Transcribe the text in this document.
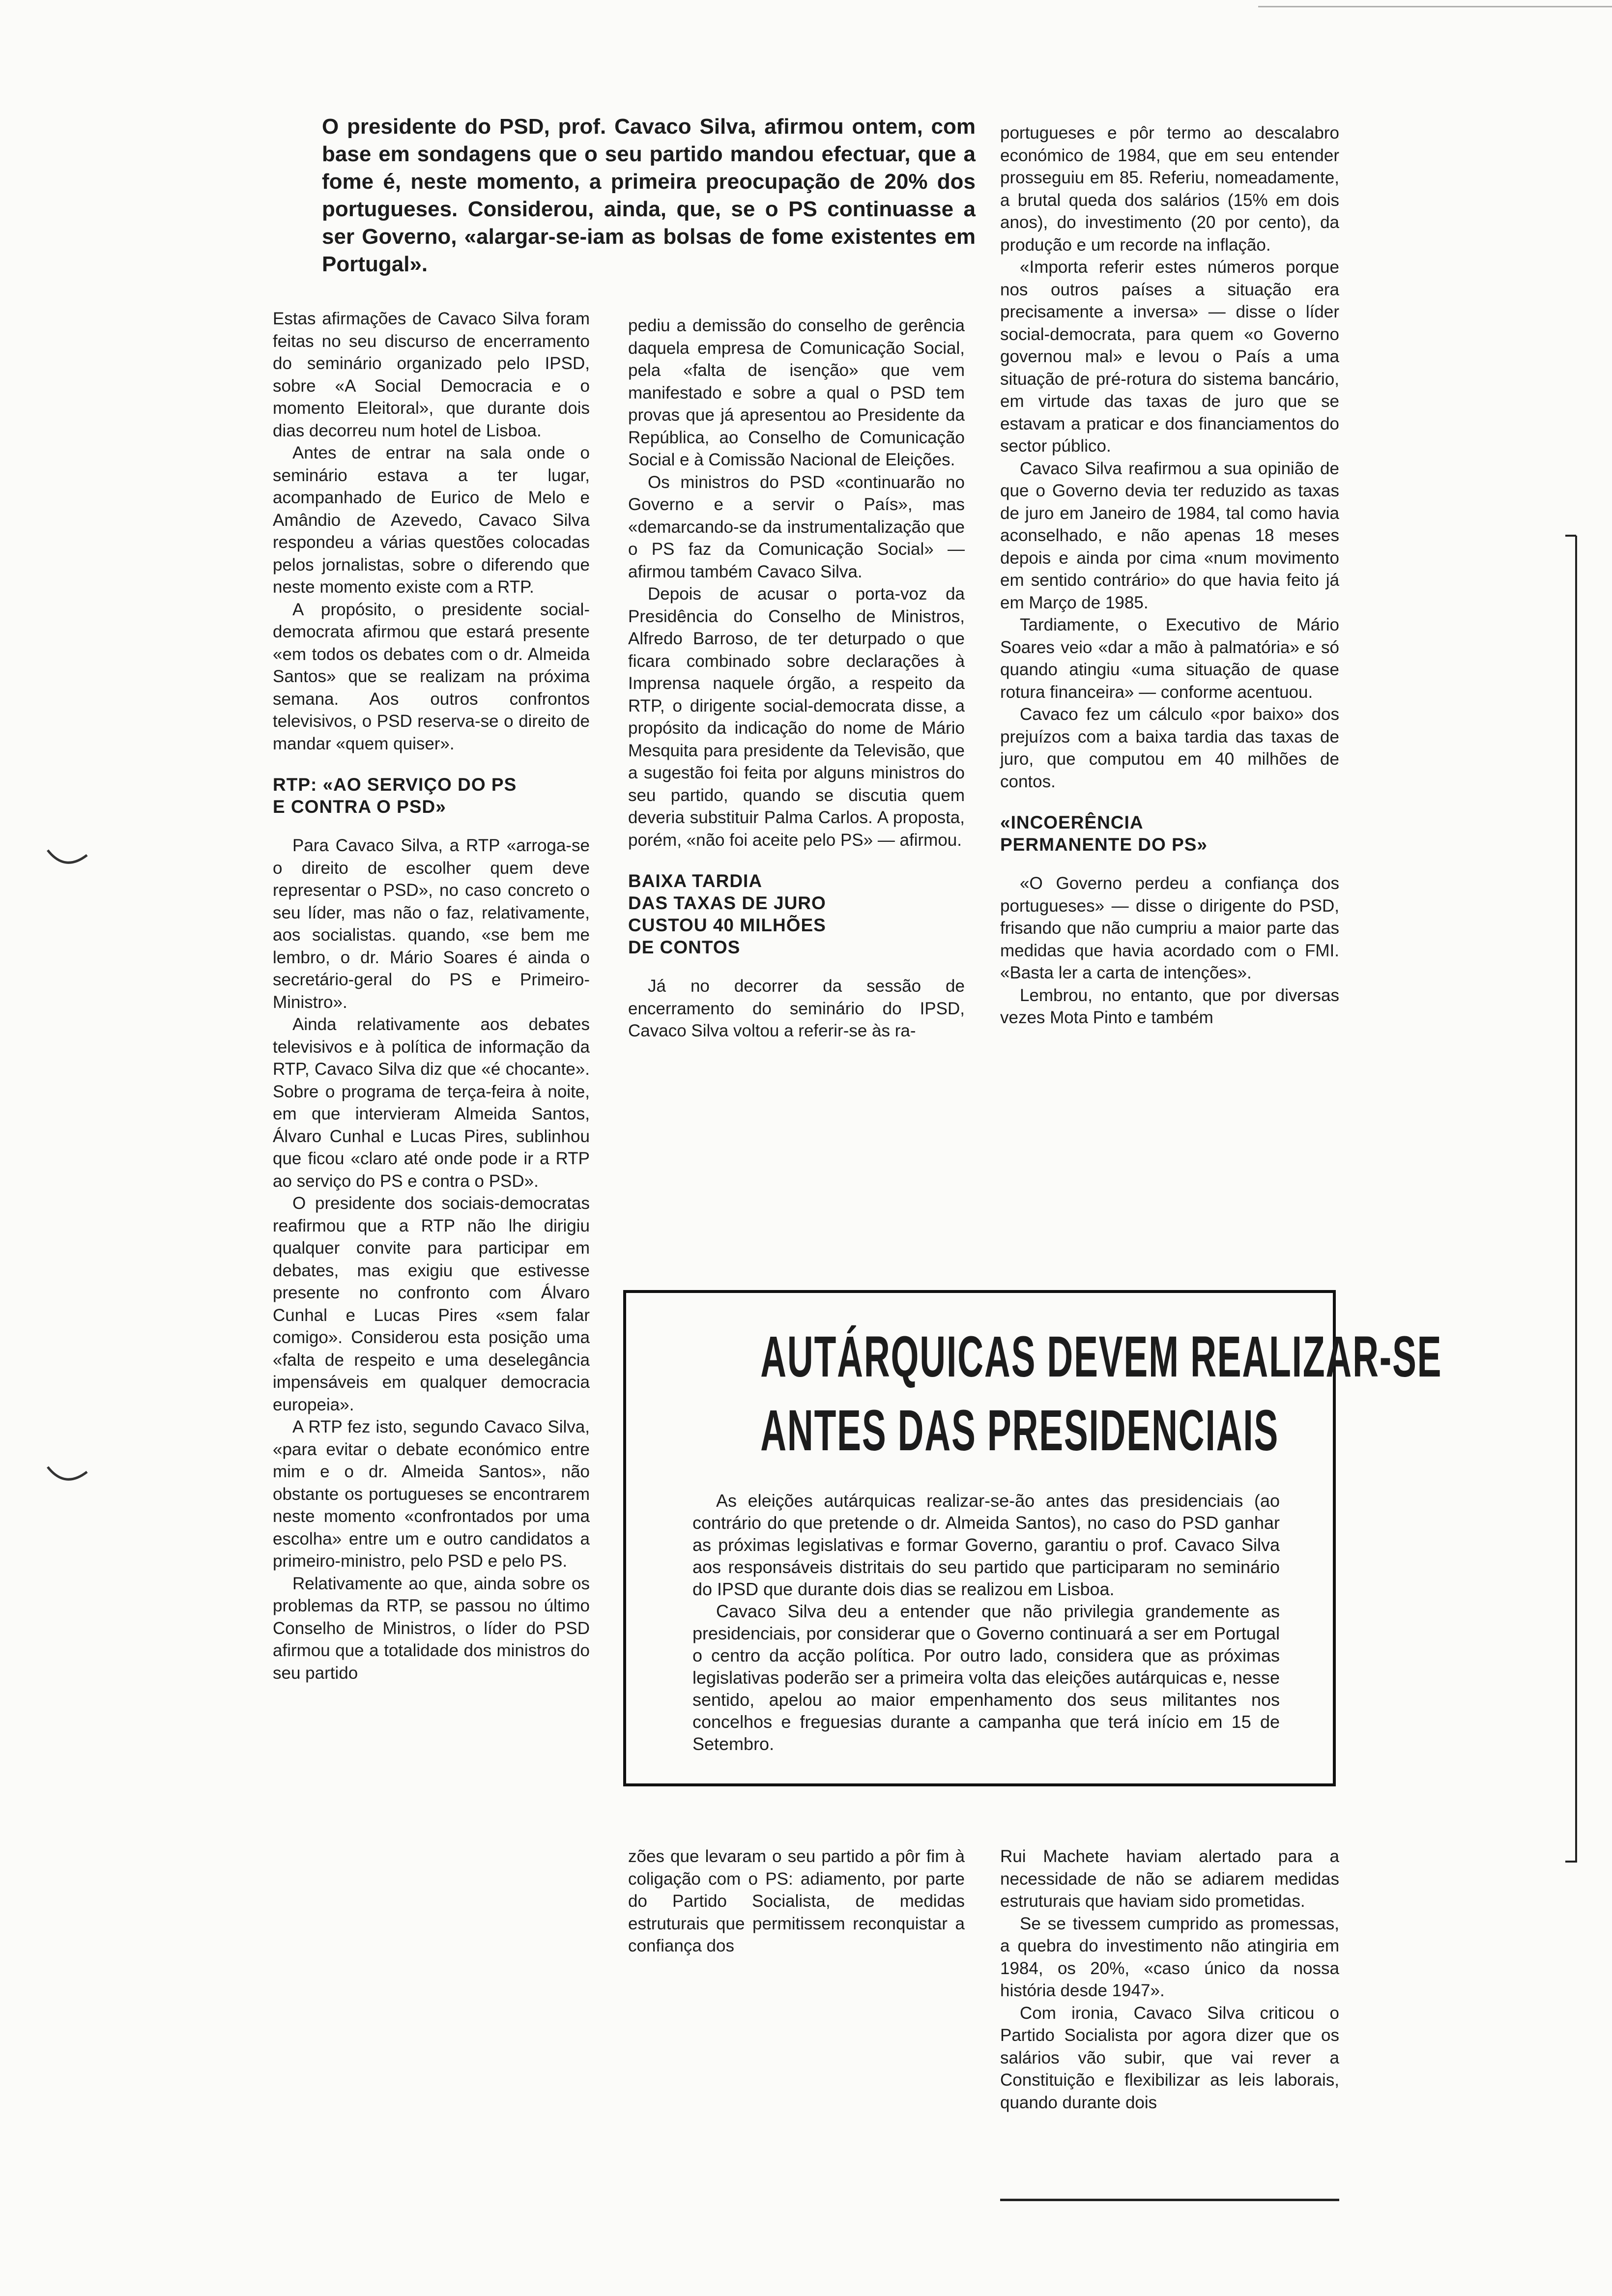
O presidente do PSD, prof. Cavaco Silva, afirmou ontem, com base em sondagens que o seu partido mandou efectuar, que a fome é, neste momento, a primeira preocupação de 20% dos portugueses. Considerou, ainda, que, se o PS continuasse a ser Governo, «alargar-se-iam as bolsas de fome existentes em Portugal».

Estas afirmações de Cavaco Silva foram feitas no seu discurso de encerramento do seminário organizado pelo IPSD, sobre «A Social Democracia e o momento Eleitoral», que durante dois dias decorreu num hotel de Lisboa.

Antes de entrar na sala onde o seminário estava a ter lugar, acompanhado de Eurico de Melo e Amândio de Azevedo, Cavaco Silva respondeu a várias questões colocadas pelos jornalistas, sobre o diferendo que neste momento existe com a RTP.

A propósito, o presidente social-democrata afirmou que estará presente «em todos os debates com o dr. Almeida Santos» que se realizam na próxima semana. Aos outros confrontos televisivos, o PSD reserva-se o direito de mandar «quem quiser».

RTP: «AO SERVIÇO DO PS
E CONTRA O PSD»

Para Cavaco Silva, a RTP «arroga-se o direito de escolher quem deve representar o PSD», no caso concreto o seu líder, mas não o faz, relativamente, aos socialistas. quando, «se bem me lembro, o dr. Mário Soares é ainda o secretário-geral do PS e Primeiro-Ministro».

Ainda relativamente aos debates televisivos e à política de informação da RTP, Cavaco Silva diz que «é chocante». Sobre o programa de terça-feira à noite, em que intervieram Almeida Santos, Álvaro Cunhal e Lucas Pires, sublinhou que ficou «claro até onde pode ir a RTP ao serviço do PS e contra o PSD».

O presidente dos sociais-democratas reafirmou que a RTP não lhe dirigiu qualquer convite para participar em debates, mas exigiu que estivesse presente no confronto com Álvaro Cunhal e Lucas Pires «sem falar comigo». Considerou esta posição uma «falta de respeito e uma deselegância impensáveis em qualquer democracia europeia».

A RTP fez isto, segundo Cavaco Silva, «para evitar o debate económico entre mim e o dr. Almeida Santos», não obstante os portugueses se encontrarem neste momento «confrontados por uma escolha» entre um e outro candidatos a primeiro-ministro, pelo PSD e pelo PS.

Relativamente ao que, ainda sobre os problemas da RTP, se passou no último Conselho de Ministros, o líder do PSD afirmou que a totalidade dos ministros do seu partido

pediu a demissão do conselho de gerência daquela empresa de Comunicação Social, pela «falta de isenção» que vem manifestado e sobre a qual o PSD tem provas que já apresentou ao Presidente da República, ao Conselho de Comunicação Social e à Comissão Nacional de Eleições.

Os ministros do PSD «continuarão no Governo e a servir o País», mas «demarcando-se da instrumentalização que o PS faz da Comunicação Social» — afirmou também Cavaco Silva.

Depois de acusar o porta-voz da Presidência do Conselho de Ministros, Alfredo Barroso, de ter deturpado o que ficara combinado sobre declarações à Imprensa naquele órgão, a respeito da RTP, o dirigente social-democrata disse, a propósito da indicação do nome de Mário Mesquita para presidente da Televisão, que a sugestão foi feita por alguns ministros do seu partido, quando se discutia quem deveria substituir Palma Carlos. A proposta, porém, «não foi aceite pelo PS» — afirmou.

BAIXA TARDIA
DAS TAXAS DE JURO
CUSTOU 40 MILHÕES
DE CONTOS

Já no decorrer da sessão de encerramento do seminário do IPSD, Cavaco Silva voltou a referir-se às ra-

portugueses e pôr termo ao descalabro económico de 1984, que em seu entender prosseguiu em 85. Referiu, nomeadamente, a brutal queda dos salários (15% em dois anos), do investimento (20 por cento), da produção e um recorde na inflação.

«Importa referir estes números porque nos outros países a situação era precisamente a inversa» — disse o líder social-democrata, para quem «o Governo governou mal» e levou o País a uma situação de pré-rotura do sistema bancário, em virtude das taxas de juro que se estavam a praticar e dos financiamentos do sector público.

Cavaco Silva reafirmou a sua opinião de que o Governo devia ter reduzido as taxas de juro em Janeiro de 1984, tal como havia aconselhado, e não apenas 18 meses depois e ainda por cima «num movimento em sentido contrário» do que havia feito já em Março de 1985.

Tardiamente, o Executivo de Mário Soares veio «dar a mão à palmatória» e só quando atingiu «uma situação de quase rotura financeira» — conforme acentuou.

Cavaco fez um cálculo «por baixo» dos prejuízos com a baixa tardia das taxas de juro, que computou em 40 milhões de contos.

«INCOERÊNCIA
PERMANENTE DO PS»

«O Governo perdeu a confiança dos portugueses» — disse o dirigente do PSD, frisando que não cumpriu a maior parte das medidas que havia acordado com o FMI. «Basta ler a carta de intenções».

Lembrou, no entanto, que por diversas vezes Mota Pinto e também

AUTÁRQUICAS DEVEM REALIZAR-SE
ANTES DAS PRESIDENCIAIS

As eleições autárquicas realizar-se-ão antes das presidenciais (ao contrário do que pretende o dr. Almeida Santos), no caso do PSD ganhar as próximas legislativas e formar Governo, garantiu o prof. Cavaco Silva aos responsáveis distritais do seu partido que participaram no seminário do IPSD que durante dois dias se realizou em Lisboa.

Cavaco Silva deu a entender que não privilegia grandemente as presidenciais, por considerar que o Governo continuará a ser em Portugal o centro da acção política. Por outro lado, considera que as próximas legislativas poderão ser a primeira volta das eleições autárquicas e, nesse sentido, apelou ao maior empenhamento dos seus militantes nos concelhos e freguesias durante a campanha que terá início em 15 de Setembro.

zões que levaram o seu partido a pôr fim à coligação com o PS: adiamento, por parte do Partido Socialista, de medidas estruturais que permitissem reconquistar a confiança dos

Rui Machete haviam alertado para a necessidade de não se adiarem medidas estruturais que haviam sido prometidas.

Se se tivessem cumprido as promessas, a quebra do investimento não atingiria em 1984, os 20%, «caso único da nossa história desde 1947».

Com ironia, Cavaco Silva criticou o Partido Socialista por agora dizer que os salários vão subir, que vai rever a Constituição e flexibilizar as leis laborais, quando durante dois
